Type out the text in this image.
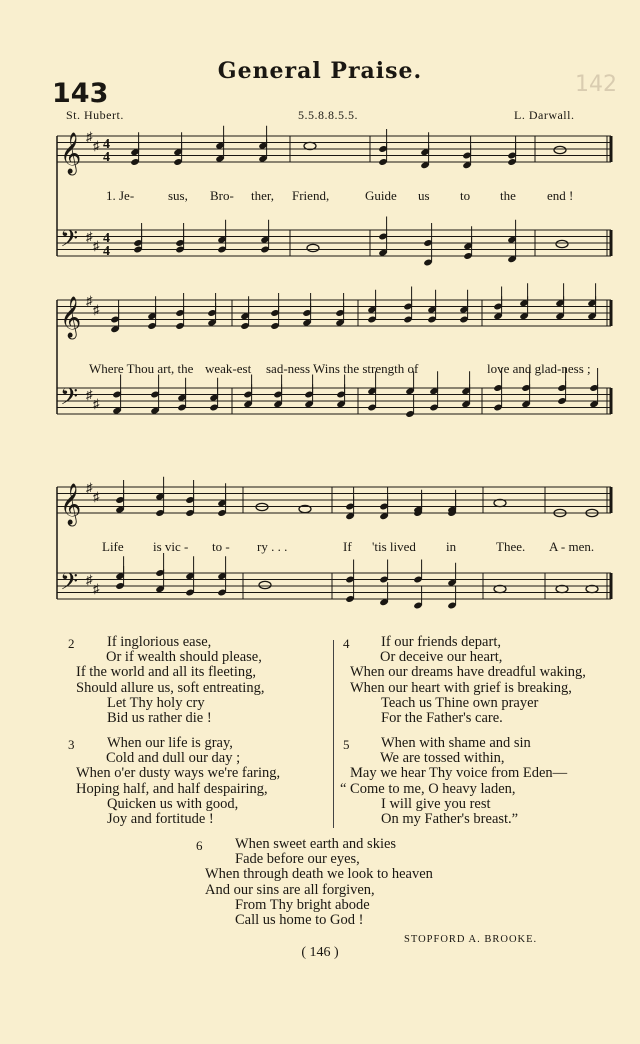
General Praise.
143
St. Hubert.	5.5.8.8.5.5.	L. Darwall.
142
𝄞
𝄢
♯
♯
♯
♯
4
4
4
4
𝄞
𝄢
♯
♯
♯
♯
𝄞
𝄢
♯
♯
♯
♯
1. Je-	sus, Bro- ther, Friend,	Guide us to the end !
Where Thou art, the weak-est sad-ness Wins the strength of	love and glad-ness ;
Life is vic - to - ry . . .	If 'tis lived in	Thee. A - men.
2 If inglorious ease,
Or if wealth should please,
If the world and all its fleeting,
Should allure us, soft entreating,
Let Thy holy cry
Bid us rather die !
3 When our life is gray,
Cold and dull our day ;
When o'er dusty ways we're faring,
Hoping half, and half despairing,
Quicken us with good,
Joy and fortitude !
4 If our friends depart,
Or deceive our heart,
When our dreams have dreadful waking,
When our heart with grief is breaking,
Teach us Thine own prayer
For the Father's care.
5 When with shame and sin
We are tossed within,
May we hear Thy voice from Eden—
“ Come to me, O heavy laden,
I will give you rest
On my Father's breast.”
6 When sweet earth and skies
Fade before our eyes,
When through death we look to heaven
And our sins are all forgiven,
From Thy bright abode
Call us home to God !
STOPFORD A. BROOKE.
( 146 )
